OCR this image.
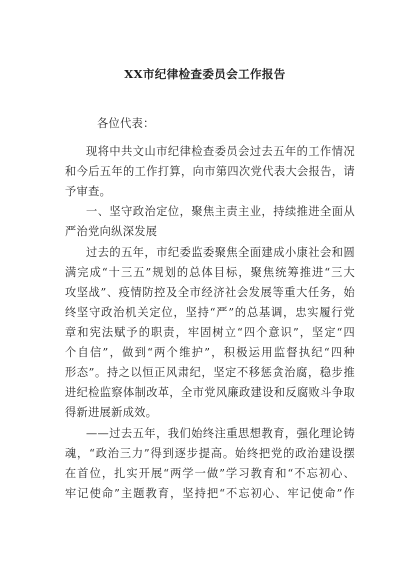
XX市纪律检查委员会工作报告
各位代表：
现将中共文山市纪律检查委员会过去五年的工作情况
和今后五年的工作打算，向市第四次党代表大会报告，请
予审查。
一、坚守政治定位，聚焦主责主业，持续推进全面从
严治党向纵深发展
过去的五年，市纪委监委聚焦全面建成小康社会和圆
满完成“十三五”规划的总体目标，聚焦统筹推进“三大
攻坚战”、疫情防控及全市经济社会发展等重大任务，始
终坚守政治机关定位，坚持“严”的总基调，忠实履行党
章和宪法赋予的职责，牢固树立“四个意识”，坚定“四
个自信”，做到“两个维护”，积极运用监督执纪“四种
形态”。持之以恒正风肃纪，坚定不移惩贪治腐，稳步推
进纪检监察体制改革，全市党风廉政建设和反腐败斗争取
得新进展新成效。
——过去五年，我们始终注重思想教育，强化理论铸
魂，“政治三力”得到逐步提高。始终把党的政治建设摆
在首位，扎实开展“两学一做”学习教育和“不忘初心、
牢记使命”主题教育，坚持把“不忘初心、牢记使命”作
